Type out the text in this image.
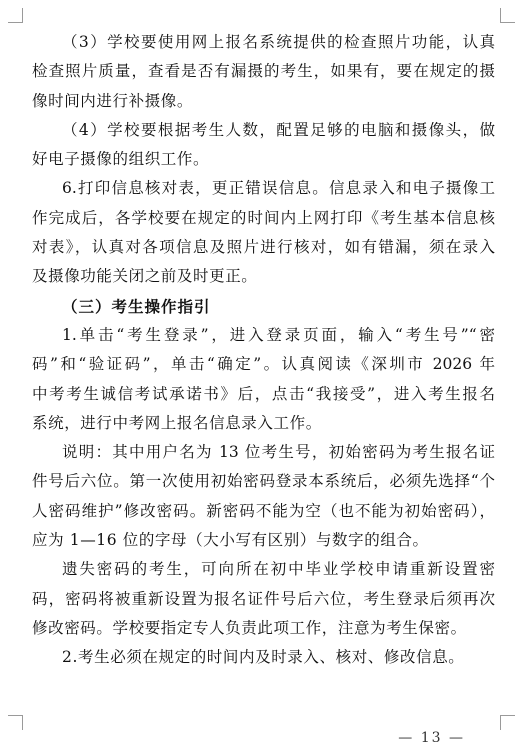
（3）学校要使用网上报名系统提供的检查照片功能，认真

检查照片质量，查看是否有漏摄的考生，如果有，要在规定的摄

像时间内进行补摄像。

（4）学校要根据考生人数，配置足够的电脑和摄像头，做

好电子摄像的组织工作。

6.打印信息核对表，更正错误信息。信息录入和电子摄像工

作完成后，各学校要在规定的时间内上网打印《考生基本信息核

对表》，认真对各项信息及照片进行核对，如有错漏，须在录入

及摄像功能关闭之前及时更正。

（三）考生操作指引

1.单击“考生登录”，进入登录页面，输入“考生号”“密

码”和“验证码”，单击“确定”。认真阅读《深圳市 2026 年

中考考生诚信考试承诺书》后，点击“我接受”，进入考生报名

系统，进行中考网上报名信息录入工作。

说明：其中用户名为 13 位考生号，初始密码为考生报名证

件号后六位。第一次使用初始密码登录本系统后，必须先选择“个

人密码维护”修改密码。新密码不能为空（也不能为初始密码），

应为 1—16 位的字母（大小写有区别）与数字的组合。

遗失密码的考生，可向所在初中毕业学校申请重新设置密

码，密码将被重新设置为报名证件号后六位，考生登录后须再次

修改密码。学校要指定专人负责此项工作，注意为考生保密。

2.考生必须在规定的时间内及时录入、核对、修改信息。

— 13 —
